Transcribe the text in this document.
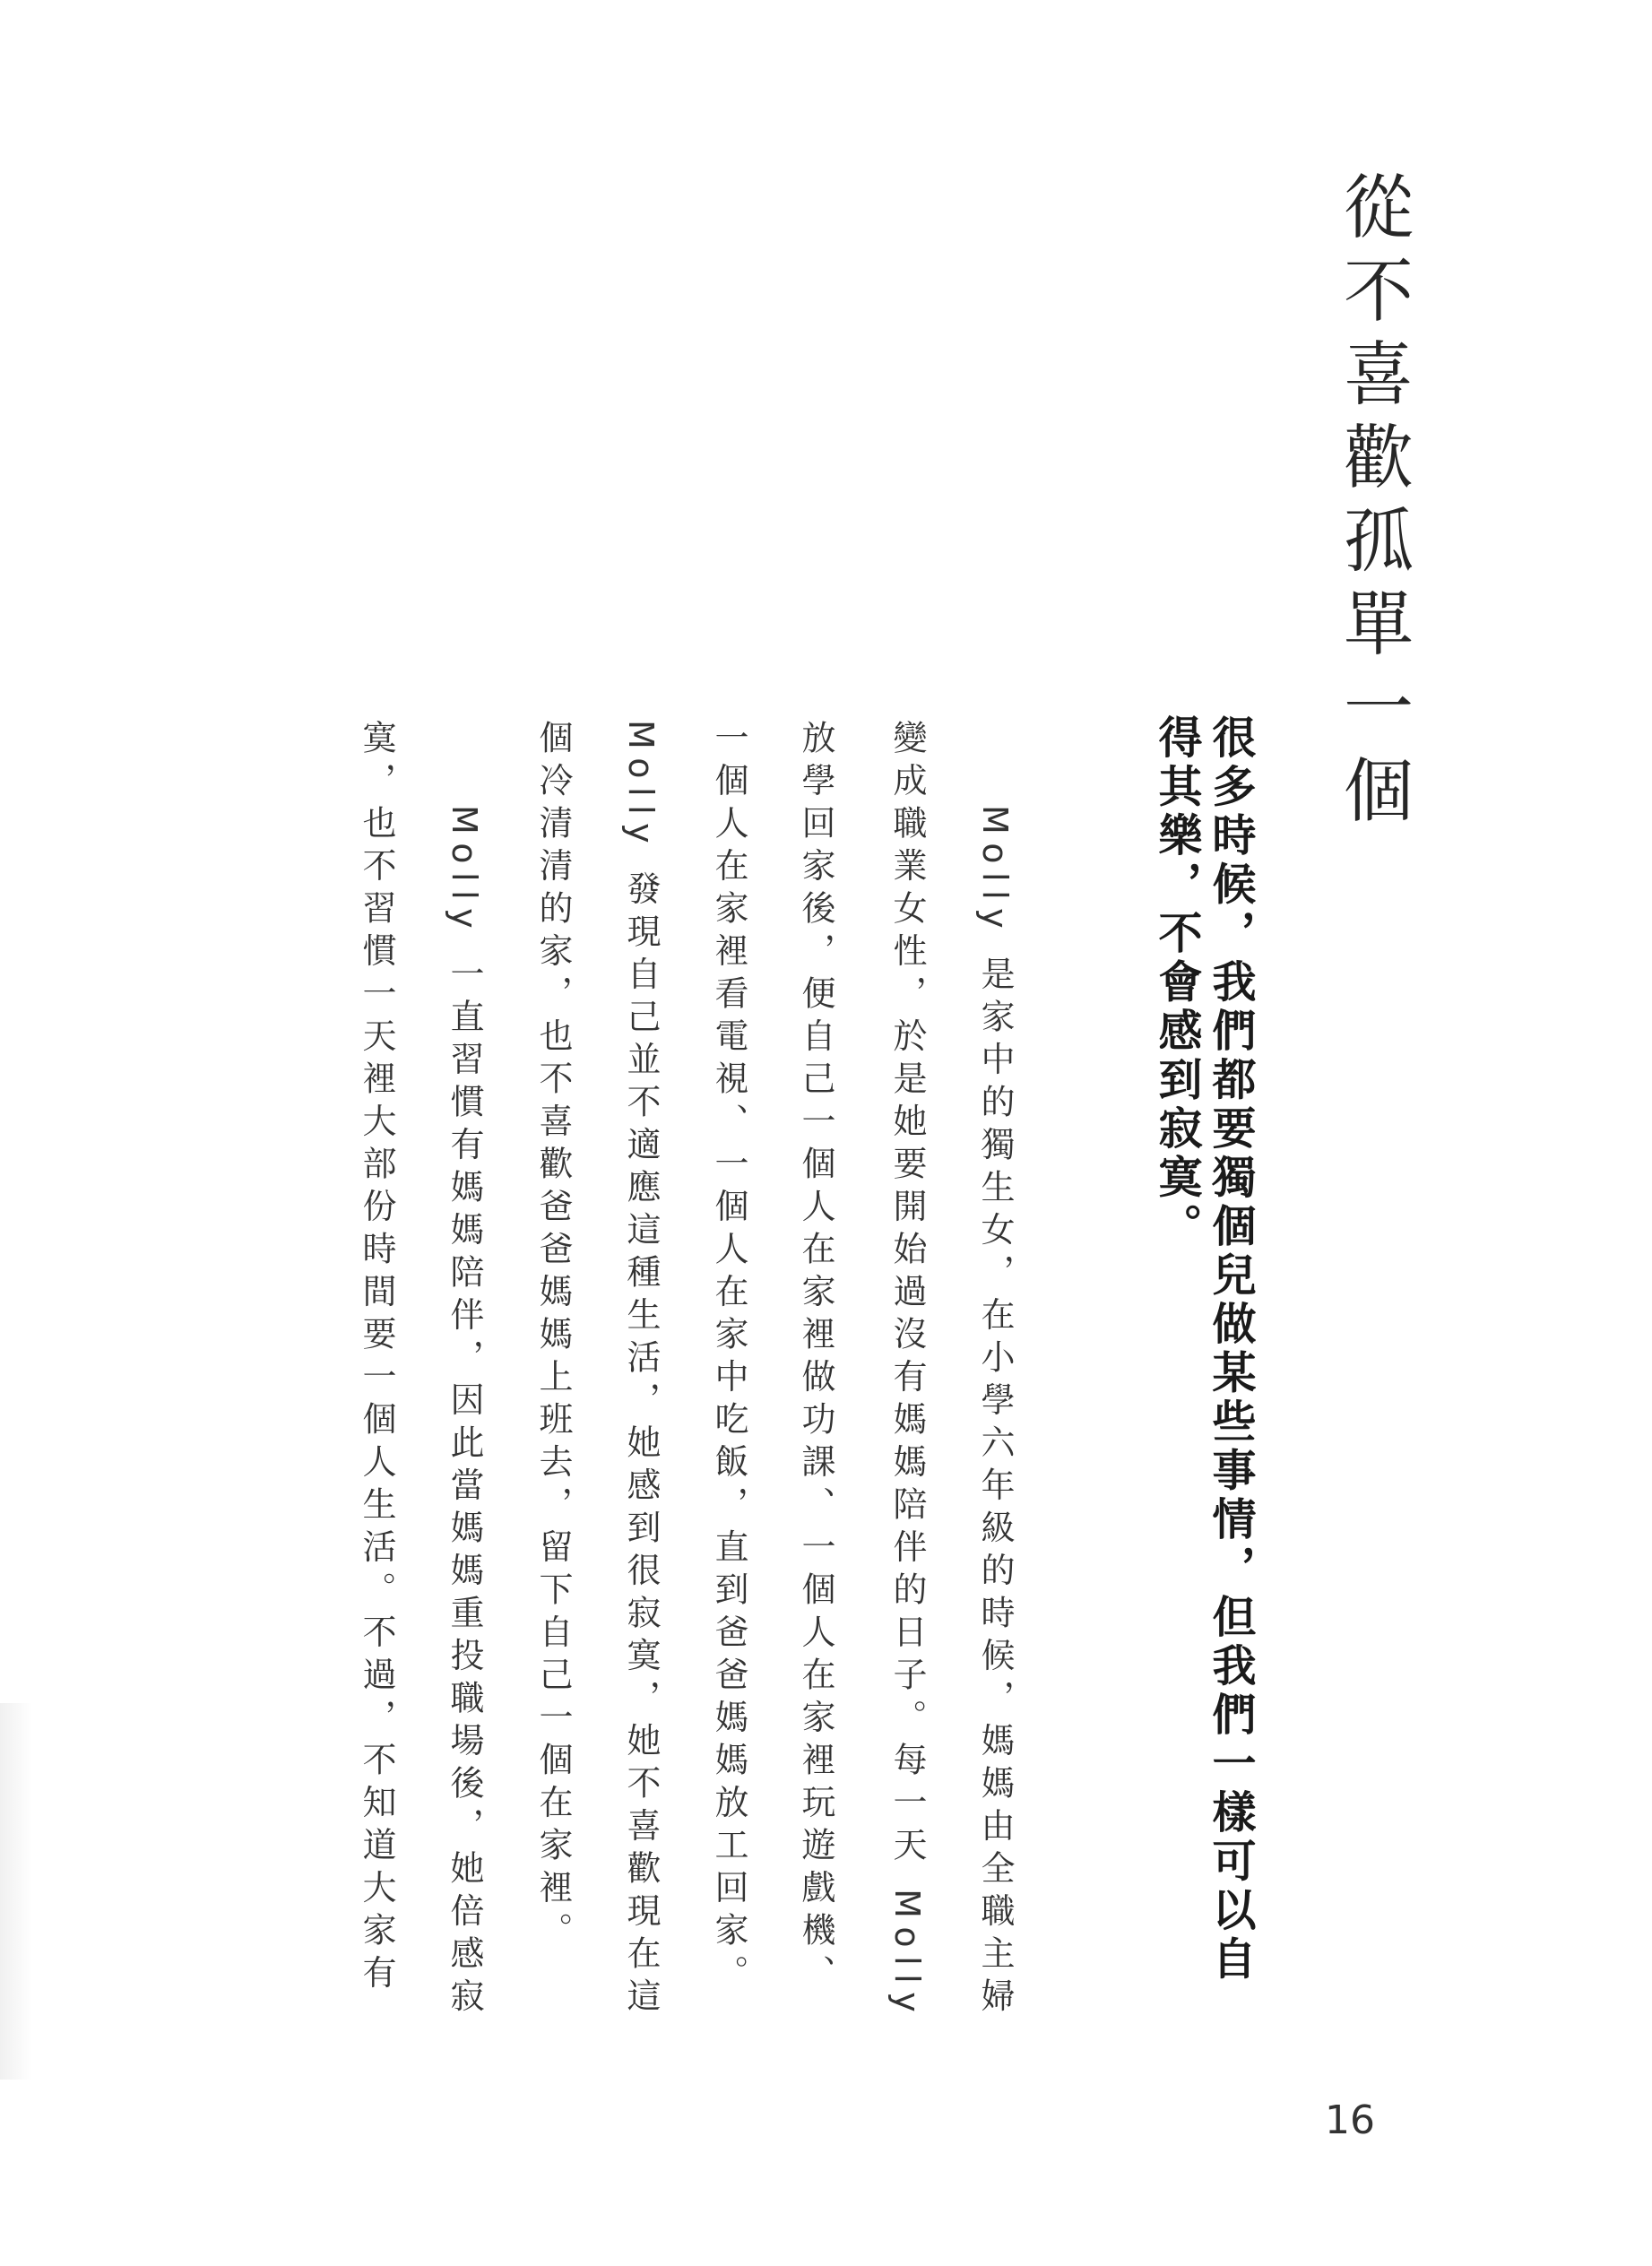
從不喜歡孤單一個

很多時候，我們都要獨個兒做某些事情，但我們一樣可以自

得其樂，不會感到寂寞。

Molly 是家中的獨生女，在小學六年級的時候，媽媽由全職主婦

變成職業女性，於是她要開始過沒有媽媽陪伴的日子。每一天 Molly

放學回家後，便自己一個人在家裡做功課、一個人在家裡玩遊戲機、

一個人在家裡看電視、一個人在家中吃飯，直到爸爸媽媽放工回家。

Molly 發現自己並不適應這種生活，她感到很寂寞，她不喜歡現在這

個冷清清的家，也不喜歡爸爸媽媽上班去，留下自己一個在家裡。

Molly 一直習慣有媽媽陪伴，因此當媽媽重投職場後，她倍感寂

寞，也不習慣一天裡大部份時間要一個人生活。不過，不知道大家有

16
